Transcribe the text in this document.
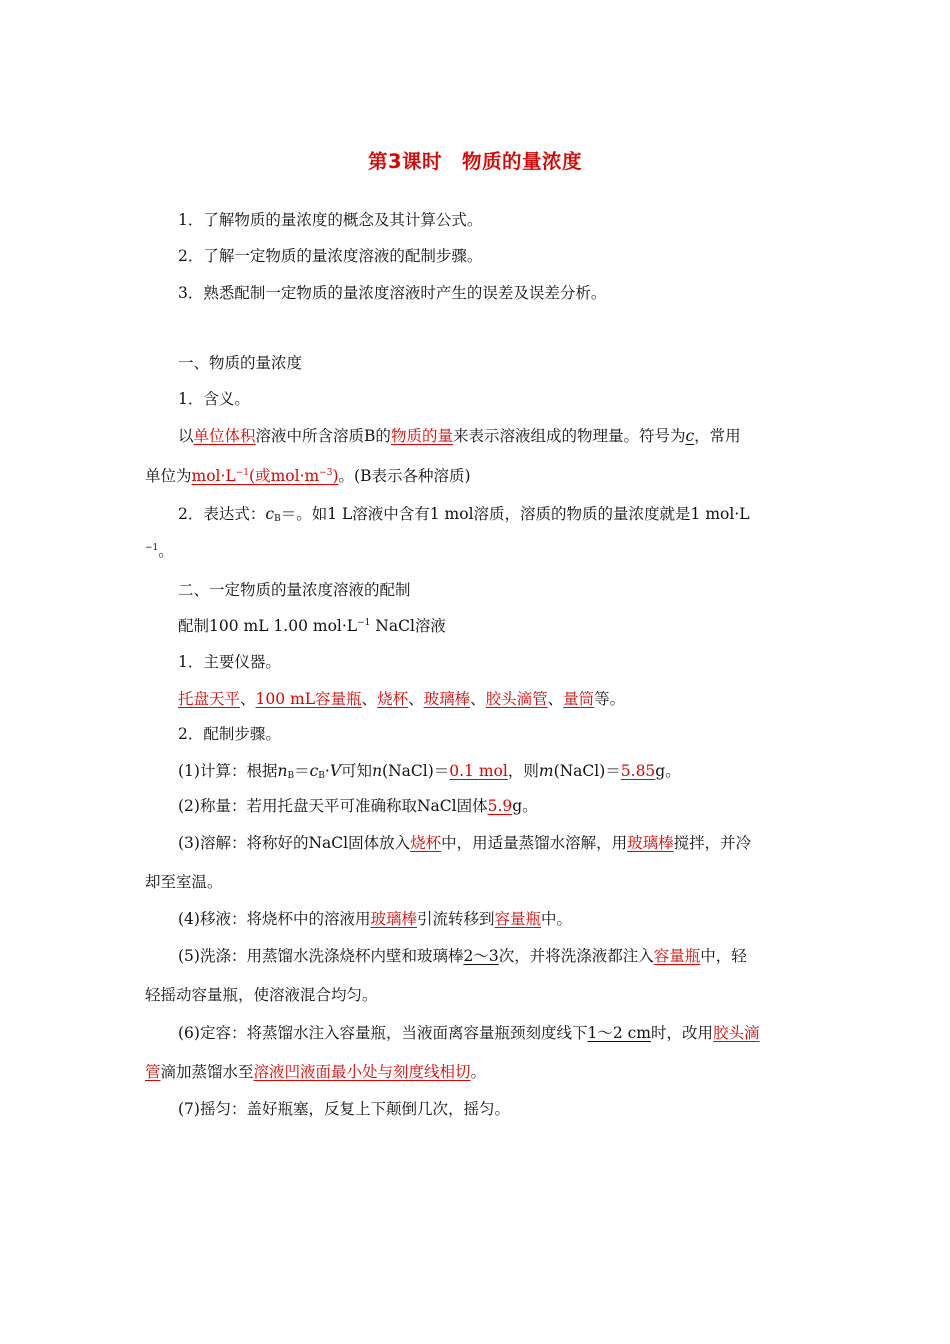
第3课时　物质的量浓度
1．了解物质的量浓度的概念及其计算公式。
2．了解一定物质的量浓度溶液的配制步骤。
3．熟悉配制一定物质的量浓度溶液时产生的误差及误差分析。
一、物质的量浓度
1．含义。
以单位体积溶液中所含溶质B的物质的量来表示溶液组成的物理量。符号为c，常用
单位为$mol\cdot L^{-1}$(或$mol\cdot m^{-3}$)。(B表示各种溶质)
2．表达式：$c_B=$。如1 L溶液中含有1 mol溶质，溶质的物质的量浓度就是1 mol·L
$^{-1}$。
二、一定物质的量浓度溶液的配制
配制100 mL 1.00 $mol\cdot L^{-1}$ NaCl溶液
1．主要仪器。
托盘天平、100 mL容量瓶、烧杯、玻璃棒、胶头滴管、量筒等。
2．配制步骤。
(1)计算：根据$n_B=c_B\cdot V$可知n(NaCl)＝0.1 mol，则m(NaCl)＝5.85g。
(2)称量：若用托盘天平可准确称取NaCl固体5.9g。
(3)溶解：将称好的NaCl固体放入烧杯中，用适量蒸馏水溶解，用玻璃棒搅拌，并冷
却至室温。
(4)移液：将烧杯中的溶液用玻璃棒引流转移到容量瓶中。
(5)洗涤：用蒸馏水洗涤烧杯内壁和玻璃棒2～3次，并将洗涤液都注入容量瓶中，轻
轻摇动容量瓶，使溶液混合均匀。
(6)定容：将蒸馏水注入容量瓶，当液面离容量瓶颈刻度线下1～2 cm时，改用胶头滴
管滴加蒸馏水至溶液凹液面最小处与刻度线相切。
(7)摇匀：盖好瓶塞，反复上下颠倒几次，摇匀。
